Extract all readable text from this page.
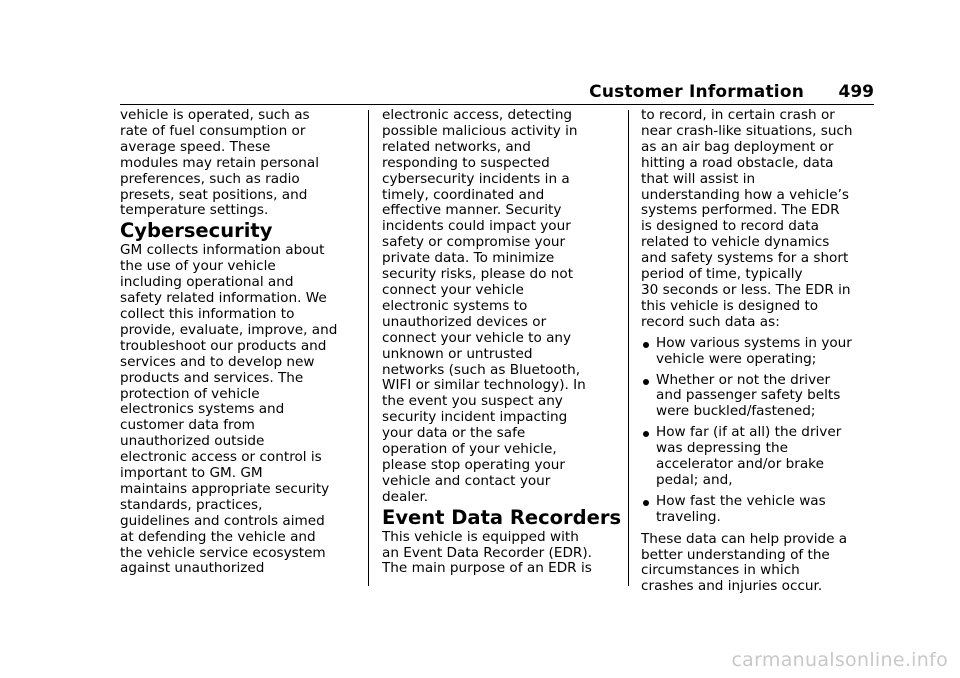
Customer Information 499

vehicle is operated, such as

rate of fuel consumption or

average speed. These

modules may retain personal

preferences, such as radio

presets, seat positions, and

temperature settings.

Cybersecurity

GM collects information about

the use of your vehicle

including operational and

safety related information. We

collect this information to

provide, evaluate, improve, and

troubleshoot our products and

services and to develop new

products and services. The

protection of vehicle

electronics systems and

customer data from

unauthorized outside

electronic access or control is

important to GM. GM

maintains appropriate security

standards, practices,

guidelines and controls aimed

at defending the vehicle and

the vehicle service ecosystem

against unauthorized

electronic access, detecting

possible malicious activity in

related networks, and

responding to suspected

cybersecurity incidents in a

timely, coordinated and

effective manner. Security

incidents could impact your

safety or compromise your

private data. To minimize

security risks, please do not

connect your vehicle

electronic systems to

unauthorized devices or

connect your vehicle to any

unknown or untrusted

networks (such as Bluetooth,

WIFI or similar technology). In

the event you suspect any

security incident impacting

your data or the safe

operation of your vehicle,

please stop operating your

vehicle and contact your

dealer.

Event Data Recorders

This vehicle is equipped with

an Event Data Recorder (EDR).

The main purpose of an EDR is

to record, in certain crash or

near crash-like situations, such

as an air bag deployment or

hitting a road obstacle, data

that will assist in

understanding how a vehicle’s

systems performed. The EDR

is designed to record data

related to vehicle dynamics

and safety systems for a short

period of time, typically

30 seconds or less. The EDR in

this vehicle is designed to

record such data as:

How various systems in your
vehicle were operating;
Whether or not the driver
and passenger safety belts
were buckled/fastened;
How far (if at all) the driver
was depressing the
accelerator and/or brake
pedal; and,
How fast the vehicle was
traveling.

These data can help provide a

better understanding of the

circumstances in which

crashes and injuries occur.

carmanualsonline.info
